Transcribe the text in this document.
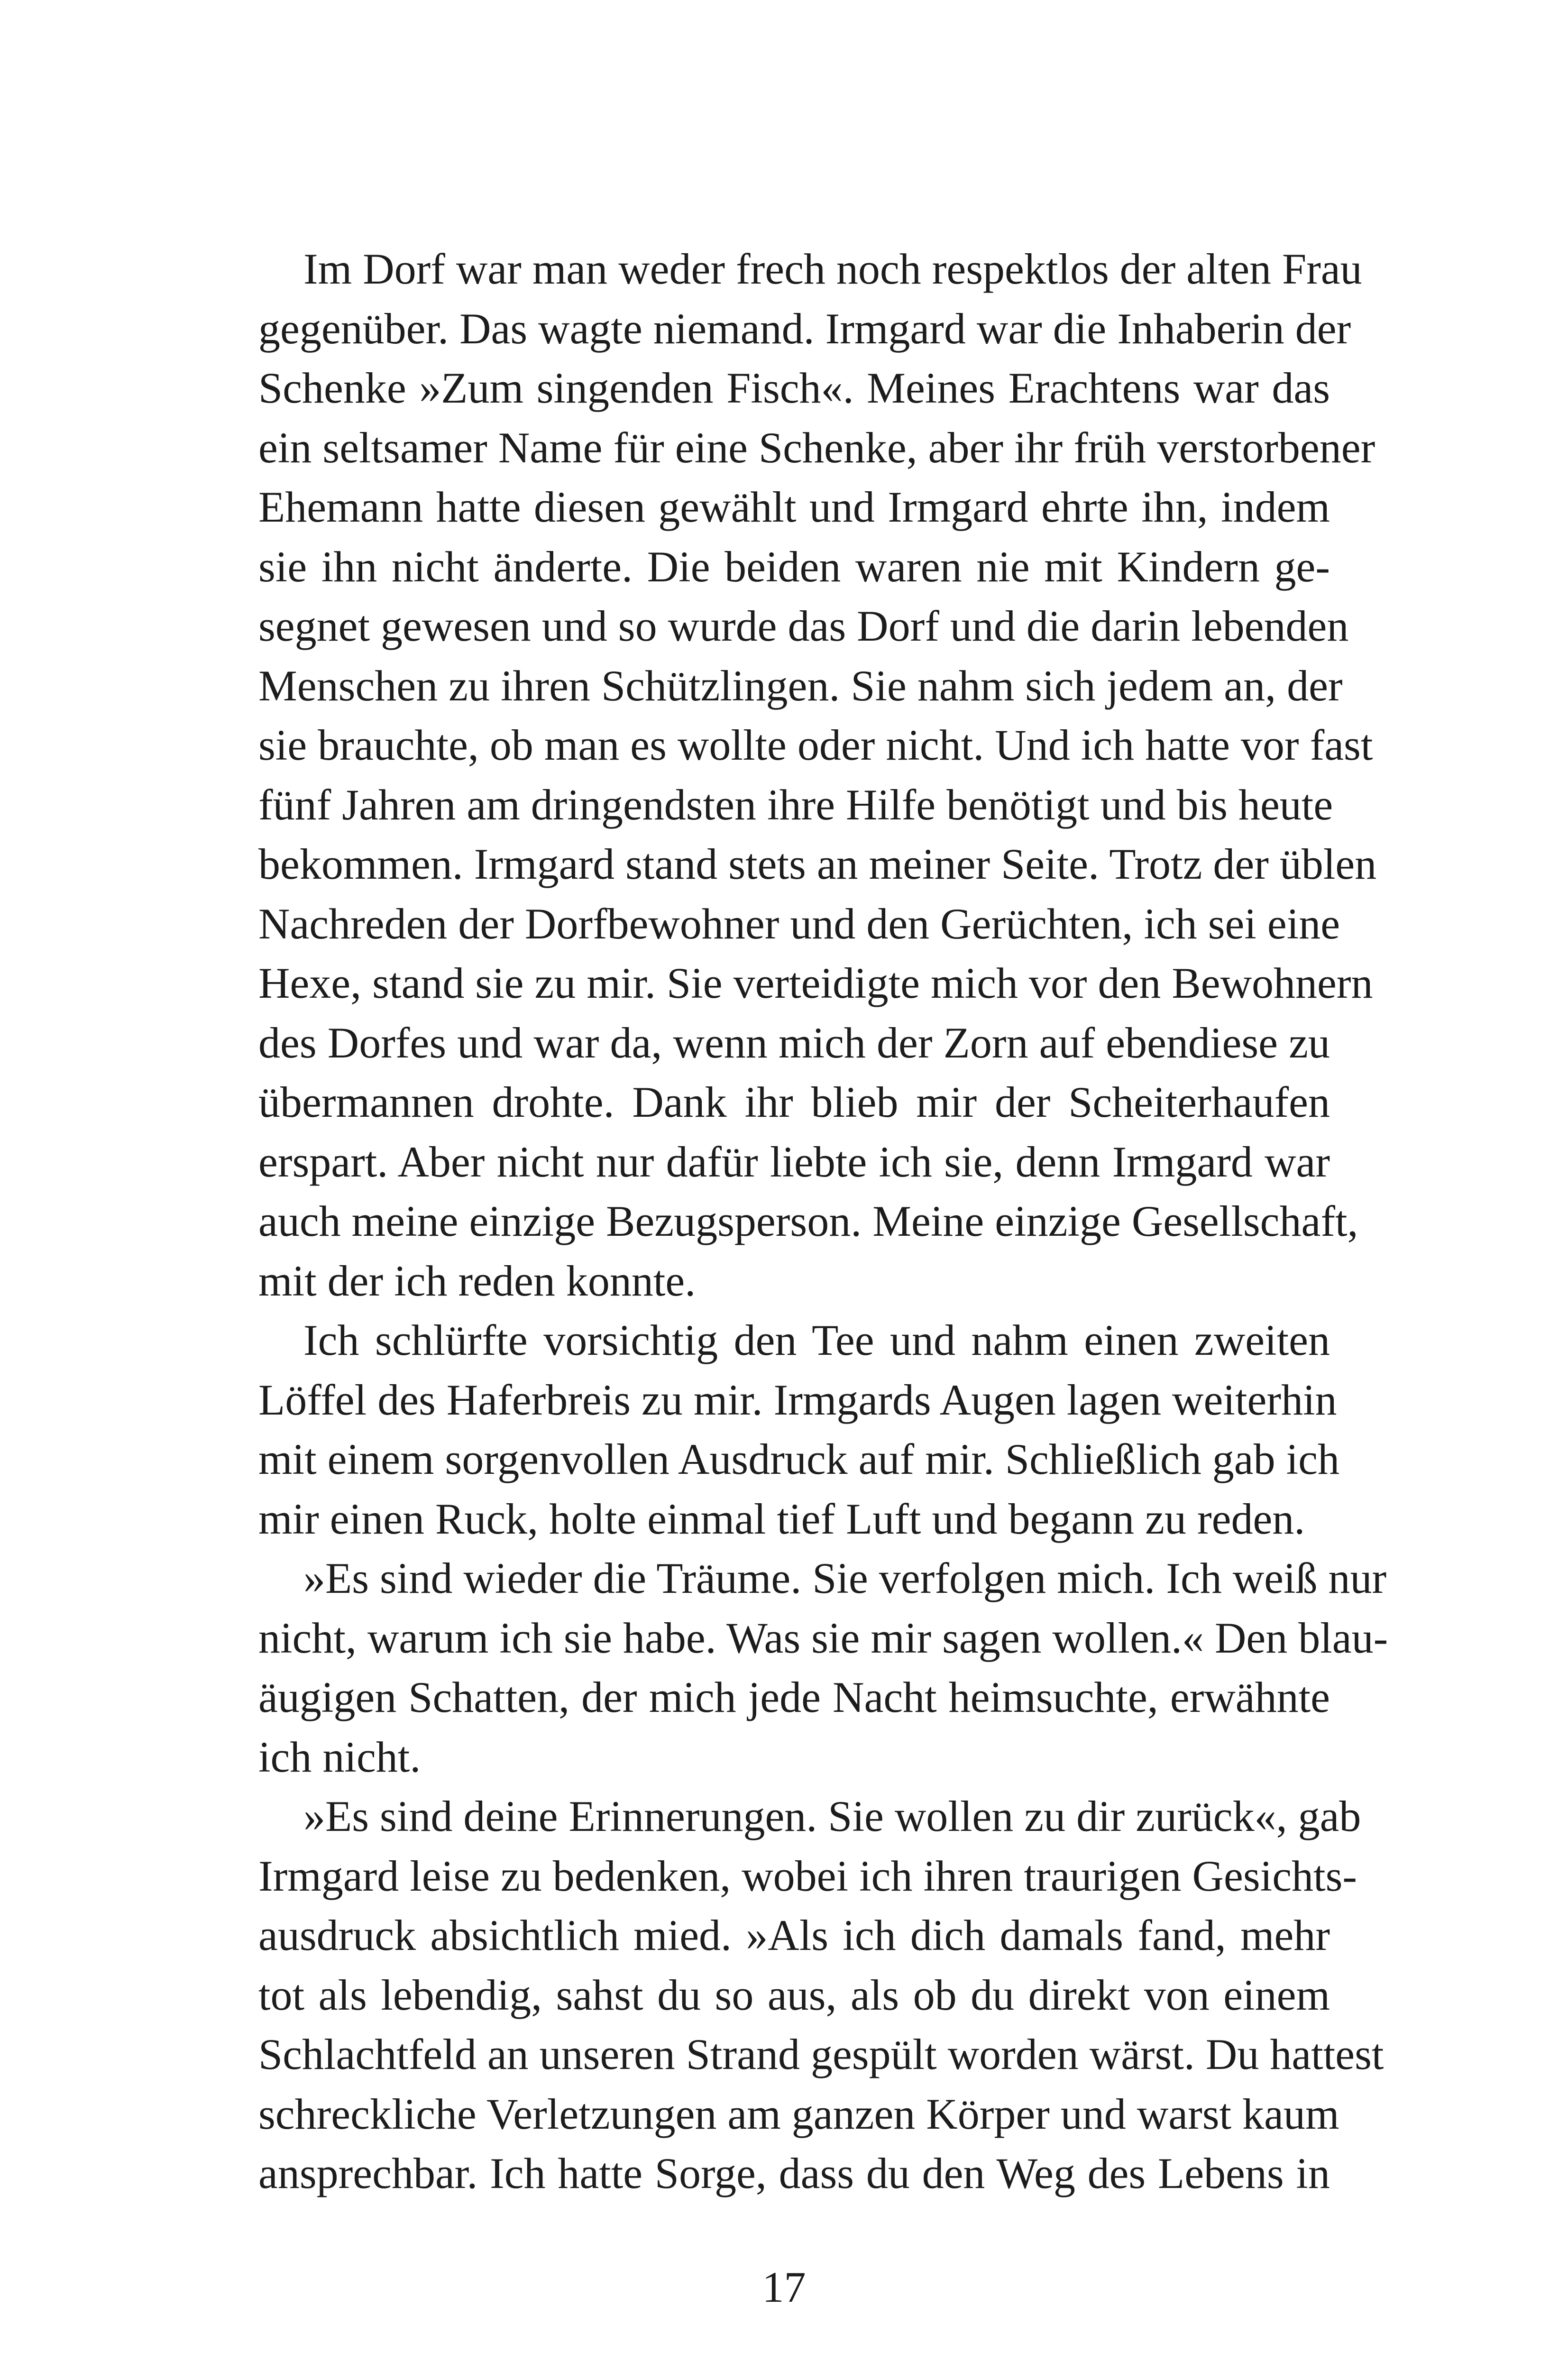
Im Dorf war man weder frech noch respektlos der alten Frau
gegenüber. Das wagte niemand. Irmgard war die Inhaberin der
Schenke »Zum singenden Fisch«. Meines Erachtens war das
ein seltsamer Name für eine Schenke, aber ihr früh verstorbener
Ehemann hatte diesen gewählt und Irmgard ehrte ihn, indem
sie ihn nicht änderte. Die beiden waren nie mit Kindern ge-
segnet gewesen und so wurde das Dorf und die darin lebenden
Menschen zu ihren Schützlingen. Sie nahm sich jedem an, der
sie brauchte, ob man es wollte oder nicht. Und ich hatte vor fast
fünf Jahren am dringendsten ihre Hilfe benötigt und bis heute
bekommen. Irmgard stand stets an meiner Seite. Trotz der üblen
Nachreden der Dorfbewohner und den Gerüchten, ich sei eine
Hexe, stand sie zu mir. Sie verteidigte mich vor den Bewohnern
des Dorfes und war da, wenn mich der Zorn auf ebendiese zu
übermannen drohte. Dank ihr blieb mir der Scheiterhaufen
erspart. Aber nicht nur dafür liebte ich sie, denn Irmgard war
auch meine einzige Bezugsperson. Meine einzige Gesellschaft,
mit der ich reden konnte.
Ich schlürfte vorsichtig den Tee und nahm einen zweiten
Löffel des Haferbreis zu mir. Irmgards Augen lagen weiterhin
mit einem sorgenvollen Ausdruck auf mir. Schließlich gab ich
mir einen Ruck, holte einmal tief Luft und begann zu reden.
»Es sind wieder die Träume. Sie verfolgen mich. Ich weiß nur
nicht, warum ich sie habe. Was sie mir sagen wollen.« Den blau-
äugigen Schatten, der mich jede Nacht heimsuchte, erwähnte
ich nicht.
»Es sind deine Erinnerungen. Sie wollen zu dir zurück«, gab
Irmgard leise zu bedenken, wobei ich ihren traurigen Gesichts-
ausdruck absichtlich mied. »Als ich dich damals fand, mehr
tot als lebendig, sahst du so aus, als ob du direkt von einem
Schlachtfeld an unseren Strand gespült worden wärst. Du hattest
schreckliche Verletzungen am ganzen Körper und warst kaum
ansprechbar. Ich hatte Sorge, dass du den Weg des Lebens in
17
